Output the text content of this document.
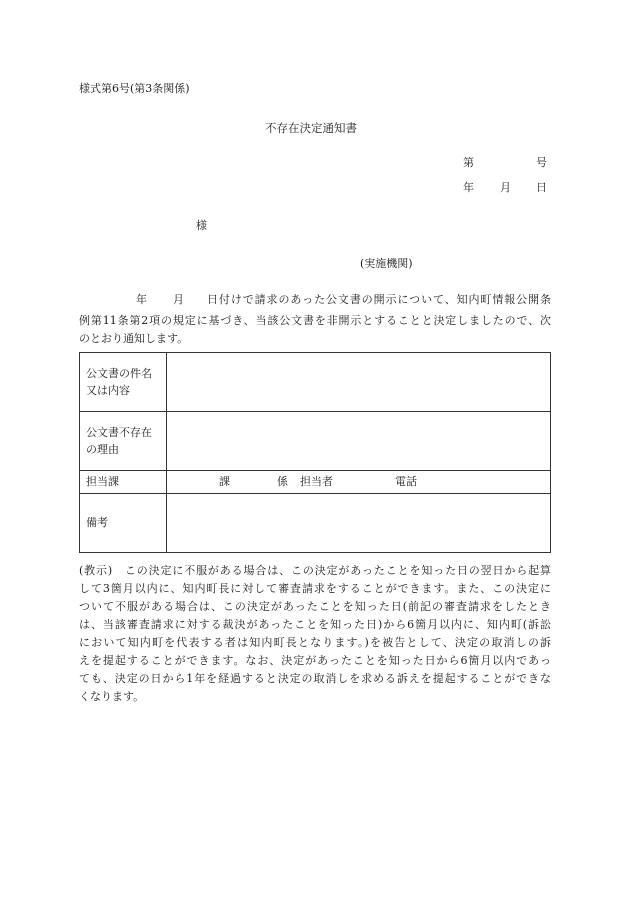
様式第6号(第3条関係)
不存在決定通知書
第	号
年 月 日
様
(実施機関)
年 月 日付けで請求のあった公文書の開示について、知内町情報公開条
例第11条第2項の規定に基づき、当該公文書を非開示とすることと決定しましたので、次
のとおり通知します。
公文書の件名
又は内容	

公文書不存在
の理由	

担当課	課 係 担当者 電話

備考	
(教示)　この決定に不服がある場合は、この決定があったことを知った日の翌日から起算
して3箇月以内に、知内町長に対して審査請求をすることができます。また、この決定に
ついて不服がある場合は、この決定があったことを知った日(前記の審査請求をしたとき
は、当該審査請求に対する裁決があったことを知った日)から6箇月以内に、知内町(訴訟
において知内町を代表する者は知内町長となります。)を被告として、決定の取消しの訴
えを提起することができます。なお、決定があったことを知った日から6箇月以内であっ
ても、決定の日から1年を経過すると決定の取消しを求める訴えを提起することができな
くなります。
